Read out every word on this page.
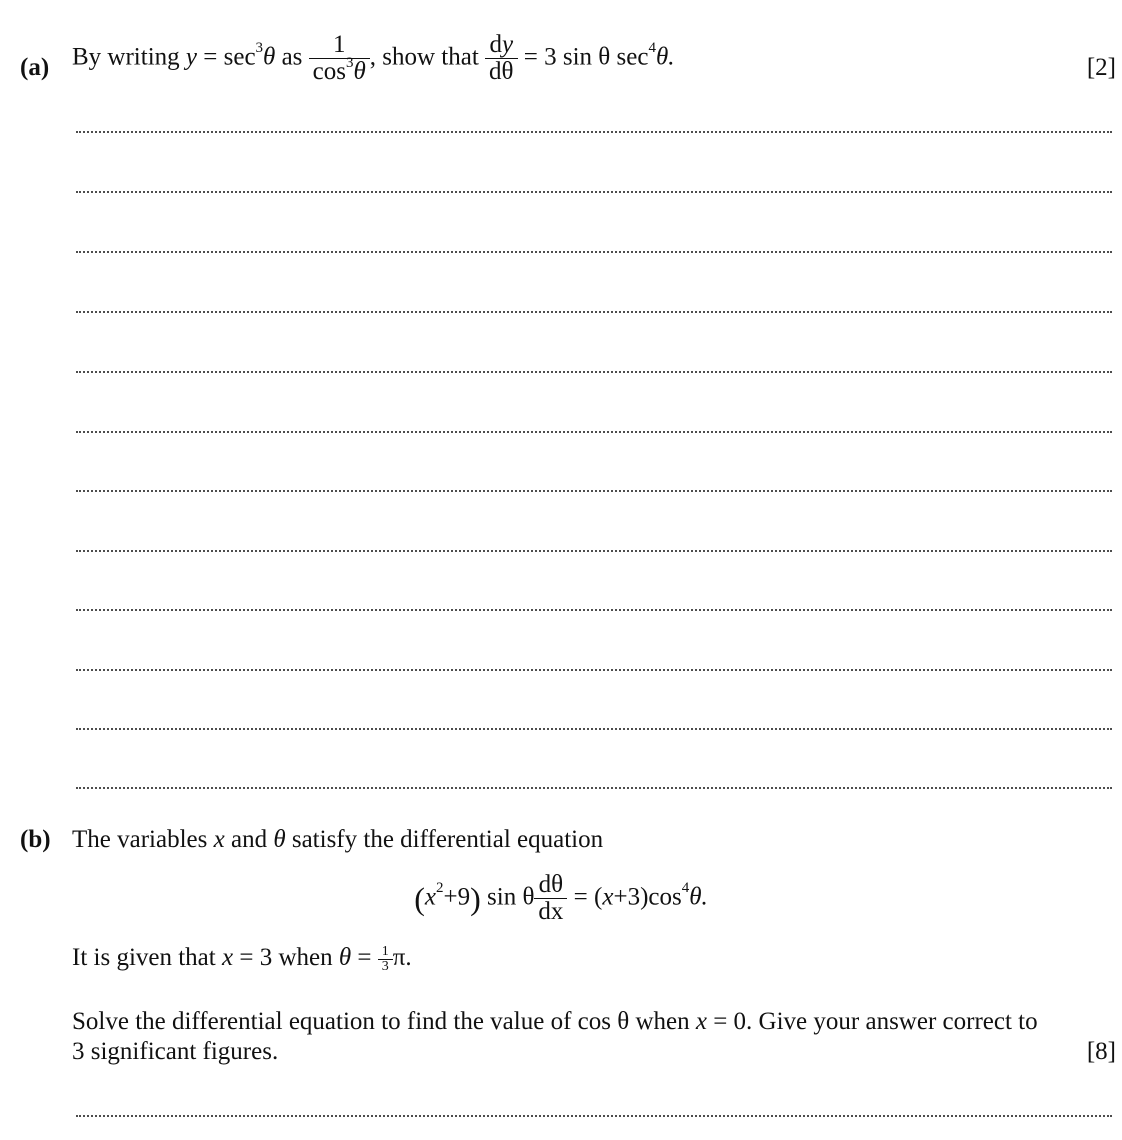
(a) By writing $y = \sec^3\theta$ as $\frac{1}{\cos^3\theta}$ , show that $\frac{dy}{d\theta} = 3$ sin θ $\sec^4\theta$.	[2]
(b) The variables x and θ satisfy the differential equation
$(x^2+9)$ sin θ $\frac{d\theta}{dx} = (x+3)\cos^4\theta$.
It is given that x = 3 when $\theta = \frac{1}{3} \pi$.
Solve the differential equation to find the value of cos θ when x = 0. Give your answer correct to
3 significant figures.	[8]
